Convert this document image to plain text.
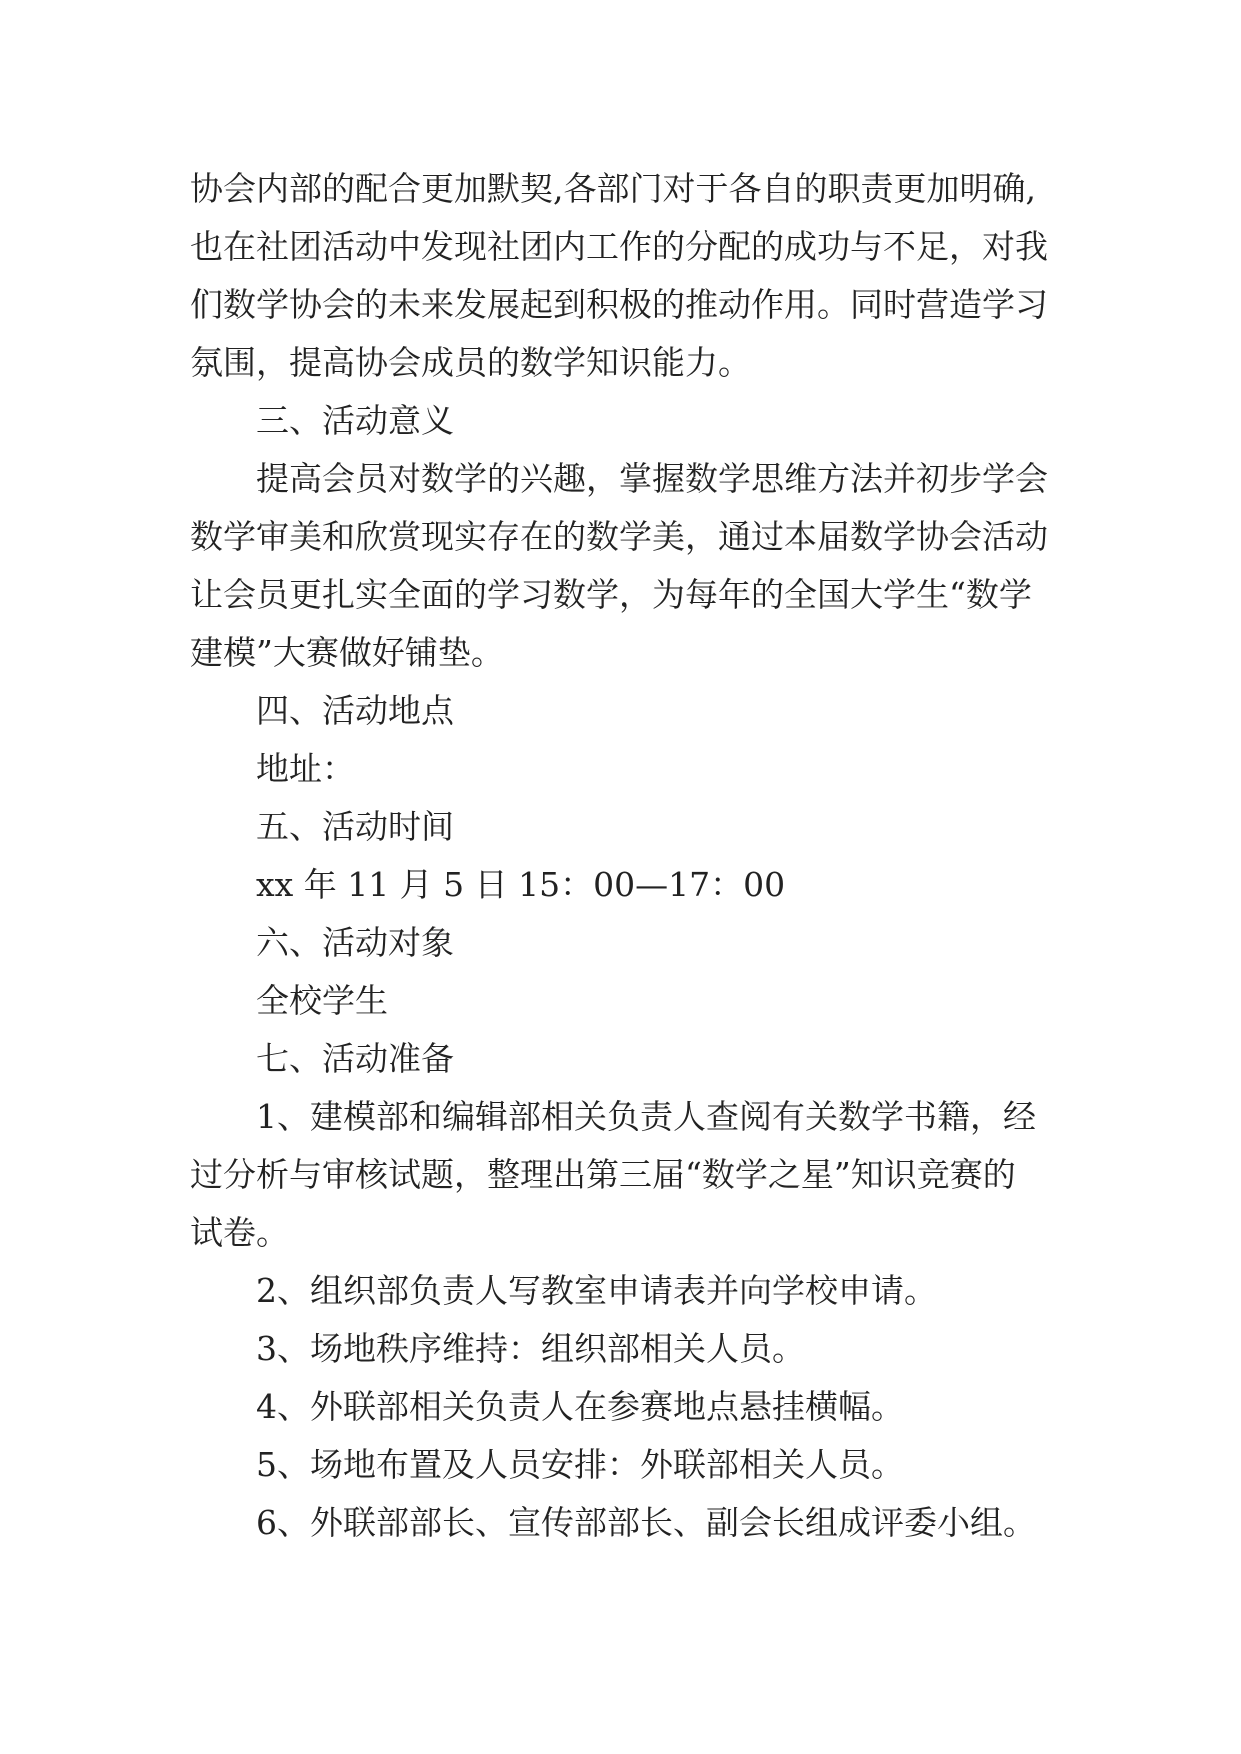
协会内部的配合更加默契,各部门对于各自的职责更加明确,
也在社团活动中发现社团内工作的分配的成功与不足，对我
们数学协会的未来发展起到积极的推动作用。同时营造学习
氛围，提高协会成员的数学知识能力。
三、活动意义
提高会员对数学的兴趣，掌握数学思维方法并初步学会
数学审美和欣赏现实存在的数学美，通过本届数学协会活动
让会员更扎实全面的学习数学，为每年的全国大学生“数学
建模”大赛做好铺垫。
四、活动地点
地址：
五、活动时间
xx 年 11 月 5 日 15：00—17：00
六、活动对象
全校学生
七、活动准备
1、建模部和编辑部相关负责人查阅有关数学书籍，经
过分析与审核试题，整理出第三届“数学之星”知识竞赛的
试卷。
2、组织部负责人写教室申请表并向学校申请。
3、场地秩序维持：组织部相关人员。
4、外联部相关负责人在参赛地点悬挂横幅。
5、场地布置及人员安排：外联部相关人员。
6、外联部部长、宣传部部长、副会长组成评委小组。
